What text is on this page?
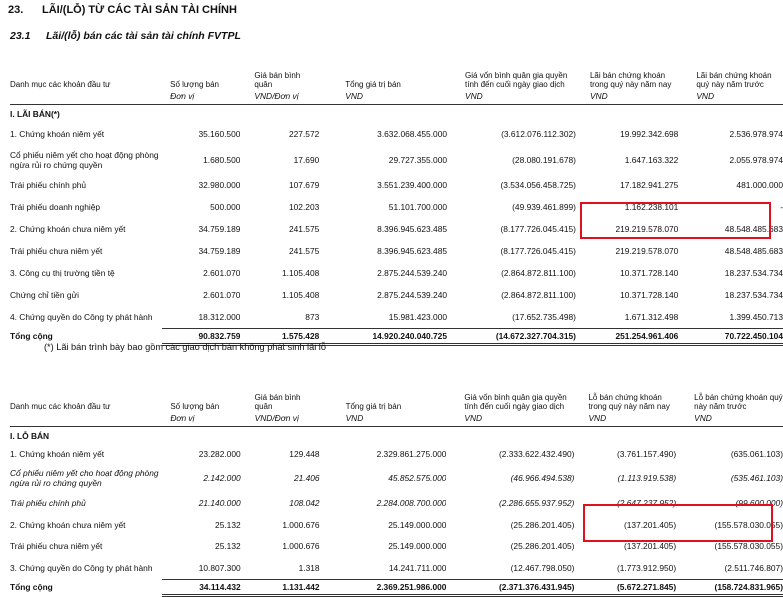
23. LÃI/(LỖ) TỪ CÁC TÀI SẢN TÀI CHÍNH
23.1 Lãi/(lỗ) bán các tài sản tài chính FVTPL
Danh mục các khoản đầu tư	Số lượng bán	Giá bán bình quân	Tổng giá trị bán	Giá vốn bình quân gia quyền tính đến cuối ngày giao dịch	Lãi bán chứng khoán trong quý này năm nay	Lãi bán chứng khoán quý này năm trước
	Đơn vị	VND/Đơn vị	VND	VND	VND	VND
I. LÃI BÁN(*)						
1. Chứng khoán niêm yết	35.160.500	227.572	3.632.068.455.000	(3.612.076.112.302)	19.992.342.698	2.536.978.974
Cổ phiếu niêm yết cho hoạt động phòng ngừa rủi ro chứng quyền	1.680.500	17.690	29.727.355.000	(28.080.191.678)	1.647.163.322	2.055.978.974
Trái phiếu chính phủ	32.980.000	107.679	3.551.239.400.000	(3.534.056.458.725)	17.182.941.275	481.000.000
Trái phiếu doanh nghiệp	500.000	102.203	51.101.700.000	(49.939.461.899)	1.162.238.101	-
2. Chứng khoán chưa niêm yết	34.759.189	241.575	8.396.945.623.485	(8.177.726.045.415)	219.219.578.070	48.548.485.683
Trái phiếu chưa niêm yết	34.759.189	241.575	8.396.945.623.485	(8.177.726.045.415)	219.219.578.070	48.548.485.683
3. Công cụ thị trường tiền tệ	2.601.070	1.105.408	2.875.244.539.240	(2.864.872.811.100)	10.371.728.140	18.237.534.734
Chứng chỉ tiền gửi	2.601.070	1.105.408	2.875.244.539.240	(2.864.872.811.100)	10.371.728.140	18.237.534.734
4. Chứng quyền do Công ty phát hành	18.312.000	873	15.981.423.000	(17.652.735.498)	1.671.312.498	1.399.450.713
Tổng cộng	90.832.759	1.575.428	14.920.240.040.725	(14.672.327.704.315)	251.254.961.406	70.722.450.104
(*) Lãi bán trình bày bao gồm các giao dịch bán không phát sinh lãi lỗ
Danh mục các khoản đầu tư	Số lượng bán	Giá bán bình quân	Tổng giá trị bán	Giá vốn bình quân gia quyền tính đến cuối ngày giao dịch	Lỗ bán chứng khoán trong quý này năm nay	Lỗ bán chứng khoán quý này năm trước
	Đơn vị	VND/Đơn vị	VND	VND	VND	VND
I. LỖ BÁN						
1. Chứng khoán niêm yết	23.282.000	129.448	2.329.861.275.000	(2.333.622.432.490)	(3.761.157.490)	(635.061.103)
Cổ phiếu niêm yết cho hoạt động phòng ngừa rủi ro chứng quyền	2.142.000	21.406	45.852.575.000	(46.966.494.538)	(1.113.919.538)	(535.461.103)
Trái phiếu chính phủ	21.140.000	108.042	2.284.008.700.000	(2.286.655.937.952)	(2.647.237.952)	(99.600.000)
2. Chứng khoán chưa niêm yết	25.132	1.000.676	25.149.000.000	(25.286.201.405)	(137.201.405)	(155.578.030.055)
Trái phiếu chưa niêm yết	25.132	1.000.676	25.149.000.000	(25.286.201.405)	(137.201.405)	(155.578.030.055)
3. Chứng quyền do Công ty phát hành	10.807.300	1.318	14.241.711.000	(12.467.798.050)	(1.773.912.950)	(2.511.746.807)
Tổng cộng	34.114.432	1.131.442	2.369.251.986.000	(2.371.376.431.945)	(5.672.271.845)	(158.724.831.965)
